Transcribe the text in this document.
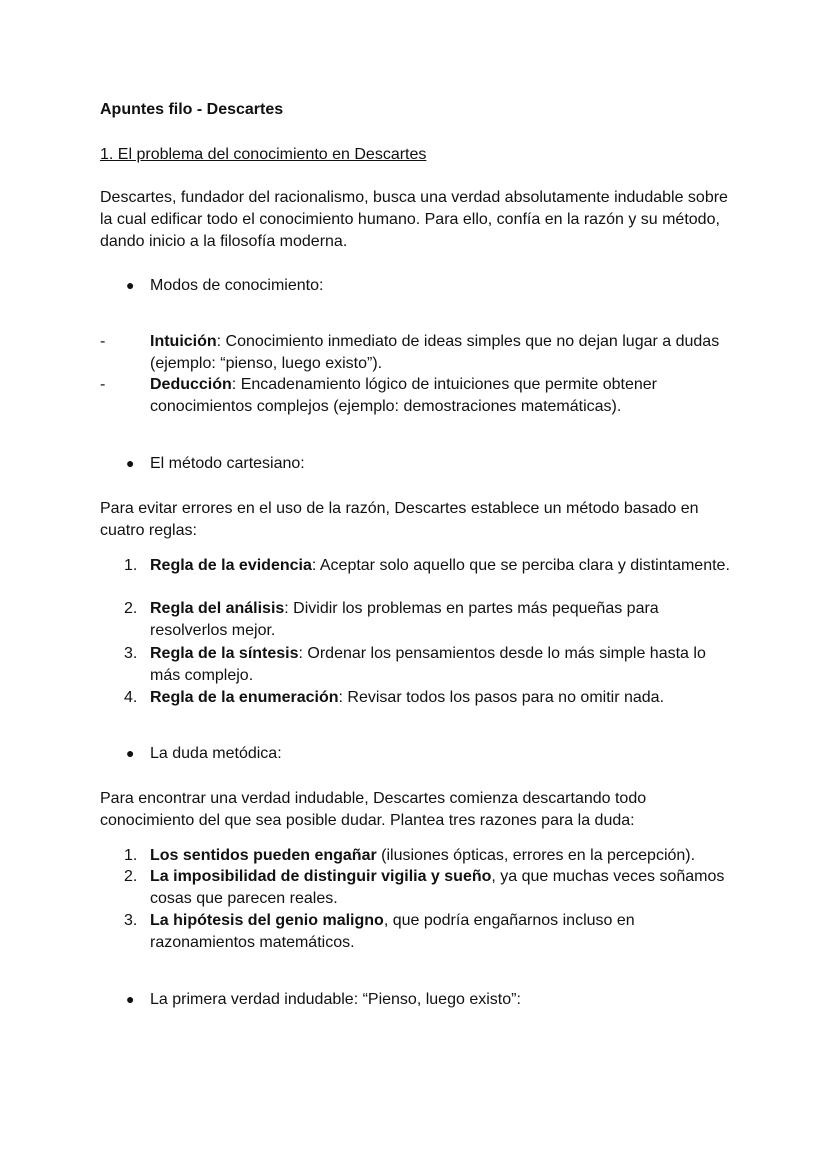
Apuntes filo - Descartes
1. El problema del conocimiento en Descartes
Descartes, fundador del racionalismo, busca una verdad absolutamente indudable sobre la cual edificar todo el conocimiento humano. Para ello, confía en la razón y su método, dando inicio a la filosofía moderna.
● Modos de conocimiento:
-	Intuición: Conocimiento inmediato de ideas simples que no dejan lugar a dudas (ejemplo: “pienso, luego existo”).
-	Deducción: Encadenamiento lógico de intuiciones que permite obtener conocimientos complejos (ejemplo: demostraciones matemáticas).
● El método cartesiano:
Para evitar errores en el uso de la razón, Descartes establece un método basado en cuatro reglas:
1. Regla de la evidencia: Aceptar solo aquello que se perciba clara y distintamente.
2. Regla del análisis: Dividir los problemas en partes más pequeñas para resolverlos mejor.
3. Regla de la síntesis: Ordenar los pensamientos desde lo más simple hasta lo más complejo.
4. Regla de la enumeración: Revisar todos los pasos para no omitir nada.
● La duda metódica:
Para encontrar una verdad indudable, Descartes comienza descartando todo conocimiento del que sea posible dudar. Plantea tres razones para la duda:
1. Los sentidos pueden engañar (ilusiones ópticas, errores en la percepción).
2. La imposibilidad de distinguir vigilia y sueño, ya que muchas veces soñamos cosas que parecen reales.
3. La hipótesis del genio maligno, que podría engañarnos incluso en razonamientos matemáticos.
● La primera verdad indudable: “Pienso, luego existo”:
